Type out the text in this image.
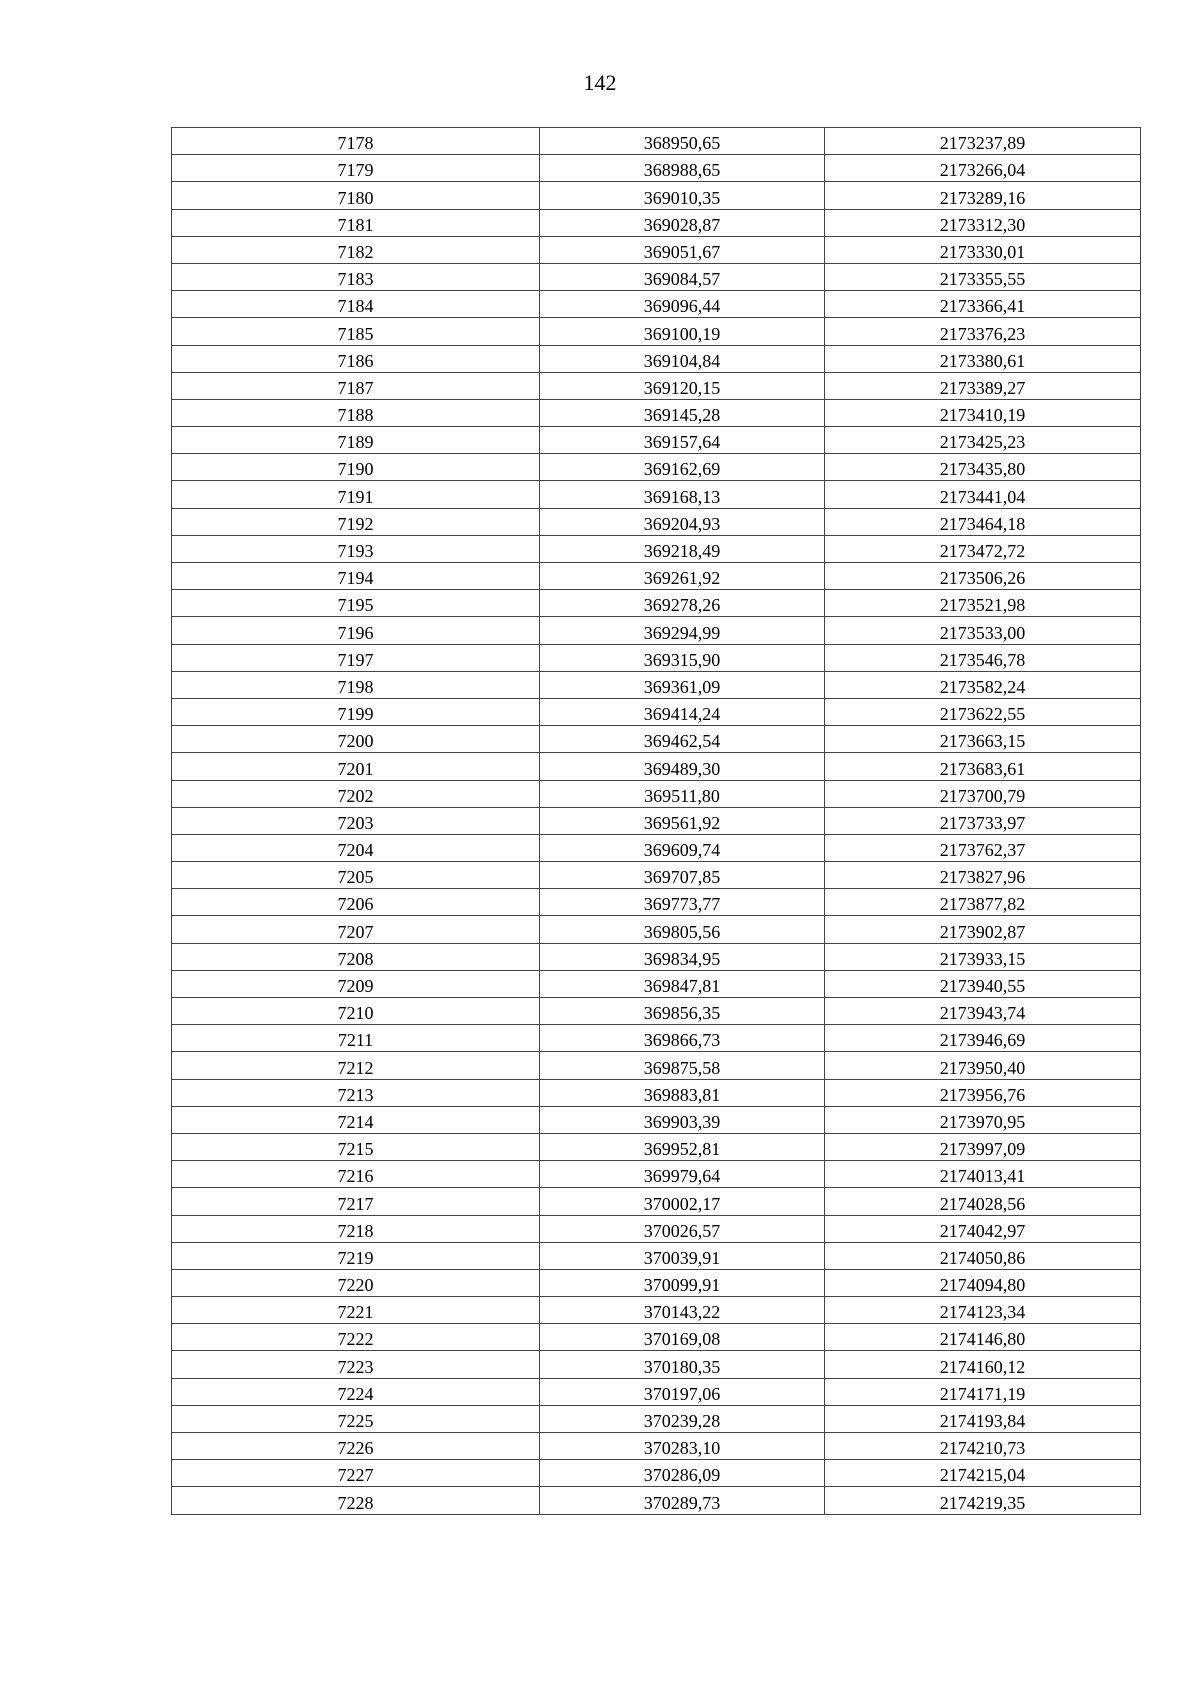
142
7178	368950,65	2173237,89
7179	368988,65	2173266,04
7180	369010,35	2173289,16
7181	369028,87	2173312,30
7182	369051,67	2173330,01
7183	369084,57	2173355,55
7184	369096,44	2173366,41
7185	369100,19	2173376,23
7186	369104,84	2173380,61
7187	369120,15	2173389,27
7188	369145,28	2173410,19
7189	369157,64	2173425,23
7190	369162,69	2173435,80
7191	369168,13	2173441,04
7192	369204,93	2173464,18
7193	369218,49	2173472,72
7194	369261,92	2173506,26
7195	369278,26	2173521,98
7196	369294,99	2173533,00
7197	369315,90	2173546,78
7198	369361,09	2173582,24
7199	369414,24	2173622,55
7200	369462,54	2173663,15
7201	369489,30	2173683,61
7202	369511,80	2173700,79
7203	369561,92	2173733,97
7204	369609,74	2173762,37
7205	369707,85	2173827,96
7206	369773,77	2173877,82
7207	369805,56	2173902,87
7208	369834,95	2173933,15
7209	369847,81	2173940,55
7210	369856,35	2173943,74
7211	369866,73	2173946,69
7212	369875,58	2173950,40
7213	369883,81	2173956,76
7214	369903,39	2173970,95
7215	369952,81	2173997,09
7216	369979,64	2174013,41
7217	370002,17	2174028,56
7218	370026,57	2174042,97
7219	370039,91	2174050,86
7220	370099,91	2174094,80
7221	370143,22	2174123,34
7222	370169,08	2174146,80
7223	370180,35	2174160,12
7224	370197,06	2174171,19
7225	370239,28	2174193,84
7226	370283,10	2174210,73
7227	370286,09	2174215,04
7228	370289,73	2174219,35
